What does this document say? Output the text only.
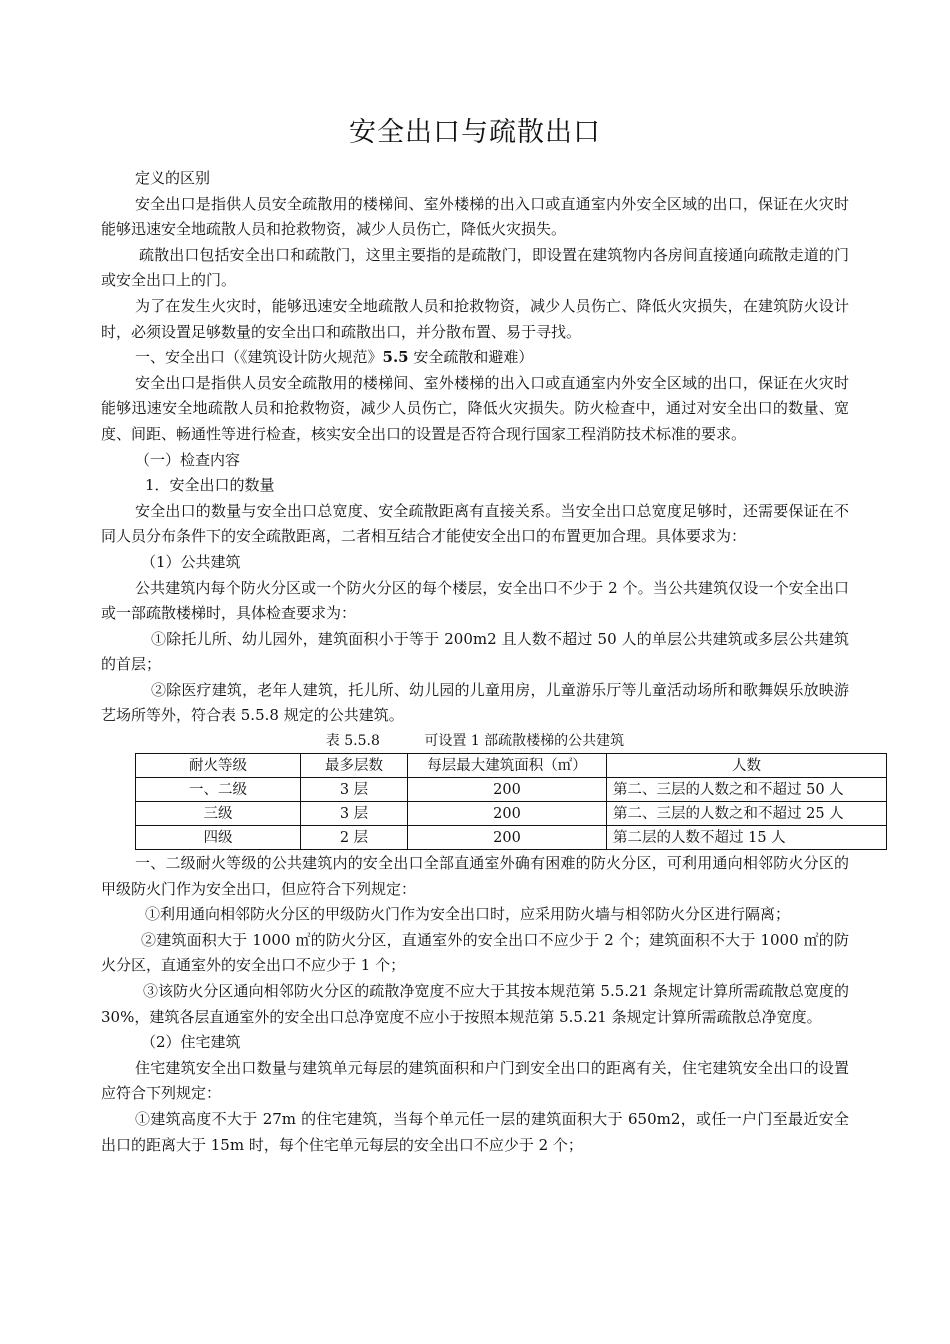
安全出口与疏散出口

定义的区别

安全出口是指供人员安全疏散用的楼梯间、室外楼梯的出入口或直通室内外安全区域的出口，保证在火灾时能够迅速安全地疏散人员和抢救物资，减少人员伤亡，降低火灾损失。

疏散出口包括安全出口和疏散门，这里主要指的是疏散门，即设置在建筑物内各房间直接通向疏散走道的门或安全出口上的门。

为了在发生火灾时，能够迅速安全地疏散人员和抢救物资，减少人员伤亡、降低火灾损失，在建筑防火设计时，必须设置足够数量的安全出口和疏散出口，并分散布置、易于寻找。

一、安全出口（《建筑设计防火规范》5.5 安全疏散和避难）

安全出口是指供人员安全疏散用的楼梯间、室外楼梯的出入口或直通室内外安全区域的出口，保证在火灾时能够迅速安全地疏散人员和抢救物资，减少人员伤亡，降低火灾损失。防火检查中，通过对安全出口的数量、宽度、间距、畅通性等进行检查，核实安全出口的设置是否符合现行国家工程消防技术标准的要求。

（一）检查内容

1．安全出口的数量

安全出口的数量与安全出口总宽度、安全疏散距离有直接关系。当安全出口总宽度足够时，还需要保证在不同人员分布条件下的安全疏散距离，二者相互结合才能使安全出口的布置更加合理。具体要求为：

（1）公共建筑

公共建筑内每个防火分区或一个防火分区的每个楼层，安全出口不少于 2 个。当公共建筑仅设一个安全出口或一部疏散楼梯时，具体检查要求为：

①除托儿所、幼儿园外，建筑面积小于等于 200m2 且人数不超过 50 人的单层公共建筑或多层公共建筑的首层；

②除医疗建筑，老年人建筑，托儿所、幼儿园的儿童用房，儿童游乐厅等儿童活动场所和歌舞娱乐放映游艺场所等外，符合表 5.5.8 规定的公共建筑。

表 5.5.8          可设置 1 部疏散楼梯的公共建筑
耐火等级	最多层数	每层最大建筑面积（㎡）	人数
一、二级	3 层	200	第二、三层的人数之和不超过 50 人
三级	3 层	200	第二、三层的人数之和不超过 25 人
四级	2 层	200	第二层的人数不超过 15 人

一、二级耐火等级的公共建筑内的安全出口全部直通室外确有困难的防火分区，可利用通向相邻防火分区的甲级防火门作为安全出口，但应符合下列规定：

①利用通向相邻防火分区的甲级防火门作为安全出口时，应采用防火墙与相邻防火分区进行隔离；

②建筑面积大于 1000 ㎡的防火分区，直通室外的安全出口不应少于 2 个；建筑面积不大于 1000 ㎡的防火分区，直通室外的安全出口不应少于 1 个；

③该防火分区通向相邻防火分区的疏散净宽度不应大于其按本规范第 5.5.21 条规定计算所需疏散总宽度的 30%，建筑各层直通室外的安全出口总净宽度不应小于按照本规范第 5.5.21 条规定计算所需疏散总净宽度。

（2）住宅建筑

住宅建筑安全出口数量与建筑单元每层的建筑面积和户门到安全出口的距离有关，住宅建筑安全出口的设置应符合下列规定：

①建筑高度不大于 27m 的住宅建筑，当每个单元任一层的建筑面积大于 650m2，或任一户门至最近安全出口的距离大于 15m 时，每个住宅单元每层的安全出口不应少于 2 个；
